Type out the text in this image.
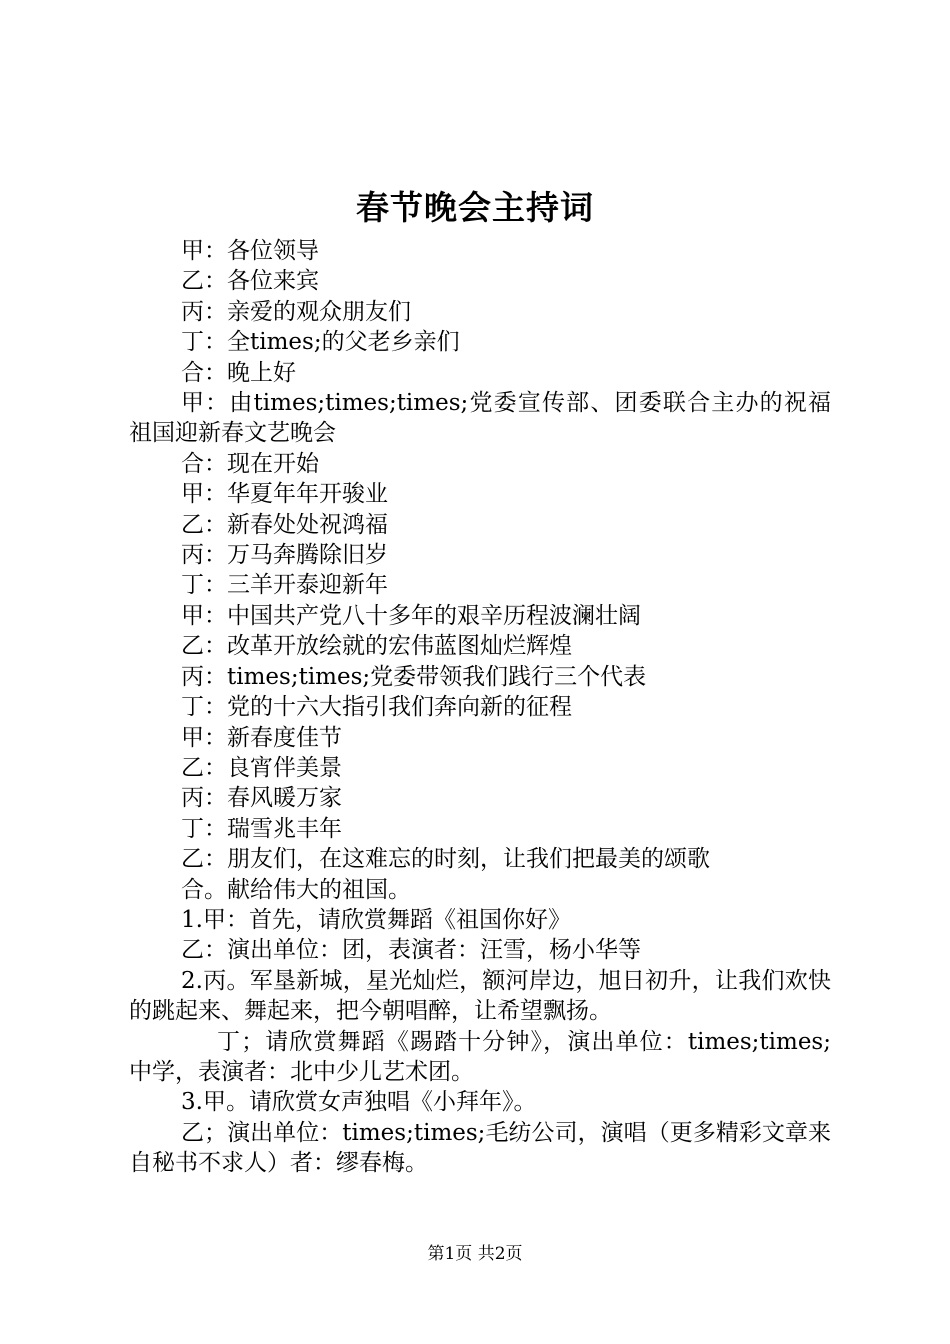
春节晚会主持词

甲：各位领导

乙：各位来宾

丙：亲爱的观众朋友们

丁：全times;的父老乡亲们

合：晚上好

甲：由times;times;times;党委宣传部、团委联合主办的祝福祖国迎新春文艺晚会

合：现在开始

甲：华夏年年开骏业

乙：新春处处祝鸿福

丙：万马奔腾除旧岁

丁：三羊开泰迎新年

甲：中国共产党八十多年的艰辛历程波澜壮阔

乙：改革开放绘就的宏伟蓝图灿烂辉煌

丙：times;times;党委带领我们践行三个代表

丁：党的十六大指引我们奔向新的征程

甲：新春度佳节

乙：良宵伴美景

丙：春风暖万家

丁：瑞雪兆丰年

乙：朋友们，在这难忘的时刻，让我们把最美的颂歌

合。献给伟大的祖国。

1.甲：首先，请欣赏舞蹈《祖国你好》

乙：演出单位：团，表演者：汪雪，杨小华等

2.丙。军垦新城，星光灿烂，额河岸边，旭日初升，让我们欢快的跳起来、舞起来，把今朝唱醉，让希望飘扬。

丁；请欣赏舞蹈《踢踏十分钟》，演出单位：times;times;中学，表演者：北中少儿艺术团。

3.甲。请欣赏女声独唱《小拜年》。

乙；演出单位：times;times;毛纺公司，演唱（更多精彩文章来自秘书不求人）者：缪春梅。

第1页 共2页
